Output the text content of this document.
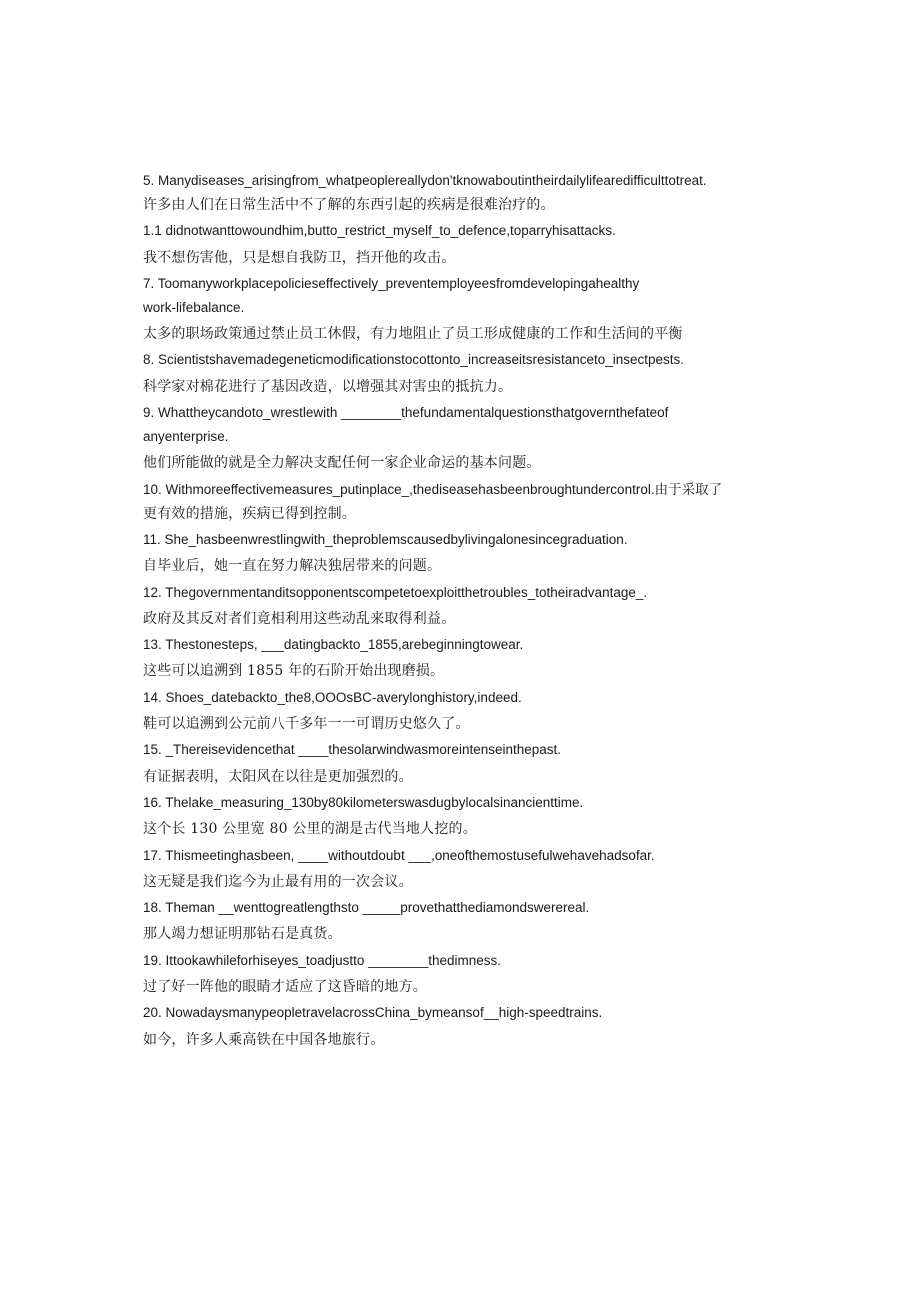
5. Manydiseases_arisingfrom_whatpeoplereallydon'tknowaboutintheirdailylifearedifficulttotreat.
许多由人们在日常生活中不了解的东西引起的疾病是很难治疗的。
1.1 didnotwanttowoundhim,butto_restrict_myself_to_defence,toparryhisattacks.
我不想伤害他，只是想自我防卫，挡开他的攻击。
7. Toomanyworkplacepolicieseffectively_preventemployeesfromdevelopingahealthy
work-lifebalance.
太多的职场政策通过禁止员工休假，有力地阻止了员工形成健康的工作和生活间的平衡
8. Scientistshavemadegeneticmodificationstocottonto_increaseitsresistanceto_insectpests.
科学家对棉花进行了基因改造，以增强其对害虫的抵抗力。
9. Whattheycandoto_wrestlewith ________thefundamentalquestionsthatgovernthefateof
anyenterprise.
他们所能做的就是全力解决支配任何一家企业命运的基本问题。
10. Withmoreeffectivemeasures_putinplace_,thediseasehasbeenbroughtundercontrol.由于采取了
更有效的措施，疾病已得到控制。
11. She_hasbeenwrestlingwith_theproblemscausedbylivingalonesincegraduation.
自毕业后，她一直在努力解决独居带来的问题。
12. Thegovernmentanditsopponentscompetetoexploitthetroubles_totheiradvantage_.
政府及其反对者们竟相利用这些动乱来取得利益。
13. Thestonesteps, ___datingbackto_1855,arebeginningtowear.
这些可以追溯到 1855 年的石阶开始出现磨损。
14. Shoes_datebackto_the8,OOOsBC-averylonghistory,indeed.
鞋可以追溯到公元前八千多年一一可谓历史悠久了。
15. _Thereisevidencethat ____thesolarwindwasmoreintenseinthepast.
有证据表明，太阳风在以往是更加强烈的。
16. Thelake_measuring_130by80kilometerswasdugbylocalsinancienttime.
这个长 130 公里宽 80 公里的湖是古代当地人挖的。
17. Thismeetinghasbeen, ____withoutdoubt ___,oneofthemostusefulwehavehadsofar.
这无疑是我们迄今为止最有用的一次会议。
18. Theman __wenttogreatlengthsto _____provethatthediamondswerereal.
那人竭力想证明那钻石是真货。
19. Ittookawhileforhiseyes_toadjustto ________thedimness.
过了好一阵他的眼睛才适应了这昏暗的地方。
20. NowadaysmanypeopletravelacrossChina_bymeansof__high-speedtrains.
如今，许多人乘高铁在中国各地旅行。
